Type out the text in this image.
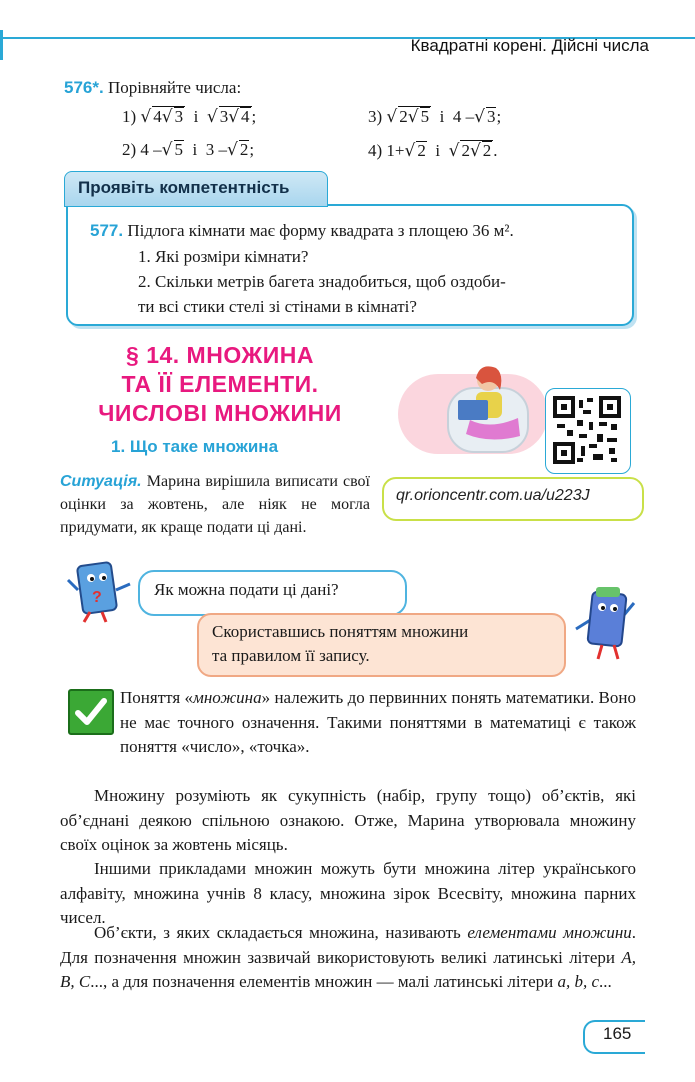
Квадратні корені. Дійсні числа
576*. Порівняйте числа:
1) √ 4√ 3 і √ 3√ 4 ;	3) √ 2√ 5 і 4 –√ 3;
2) 4 –√ 5 і 3 –√ 2;	4) 1+√ 2 і √ 2√ 2 .
Проявіть компетентність
577. Підлога кімнати має форму квадрата з площею 36 м².
1. Які розміри кімнати?
2. Скільки метрів багета знадобиться, щоб оздоби-
ти всі стики стелі зі стінами в кімнаті?
§ 14. МНОЖИНА
ТА ЇЇ ЕЛЕМЕНТИ.
ЧИСЛОВІ МНОЖИНИ
1. Що таке множина
Ситуація. Марина вирішила виписати свої оцінки за жовтень, але ніяк не могла придумати, як краще подати ці дані.
qr.orioncentr.com.ua/u223J
?	Як можна подати ці дані?
Скориставшись поняттям множини
та правилом її запису.
Поняття «множина» належить до первинних понять математики. Воно не має точного означення. Такими поняттями в математиці є також поняття «число», «точка».
Множину розуміють як сукупність (набір, групу тощо) об’єктів, які об’єднані деякою спільною ознакою. Отже, Марина утворювала множину своїх оцінок за жовтень місяць.
Іншими прикладами множин можуть бути множина літер українського алфавіту, множина учнів 8 класу, множина зірок Всесвіту, множина парних чисел.
Об’єкти, з яких складається множина, називають елементами множини. Для позначення множин зазвичай використовують великі латинські літери A, B, C..., а для позначення елементів множин — малі латинські літери a, b, c...
165
